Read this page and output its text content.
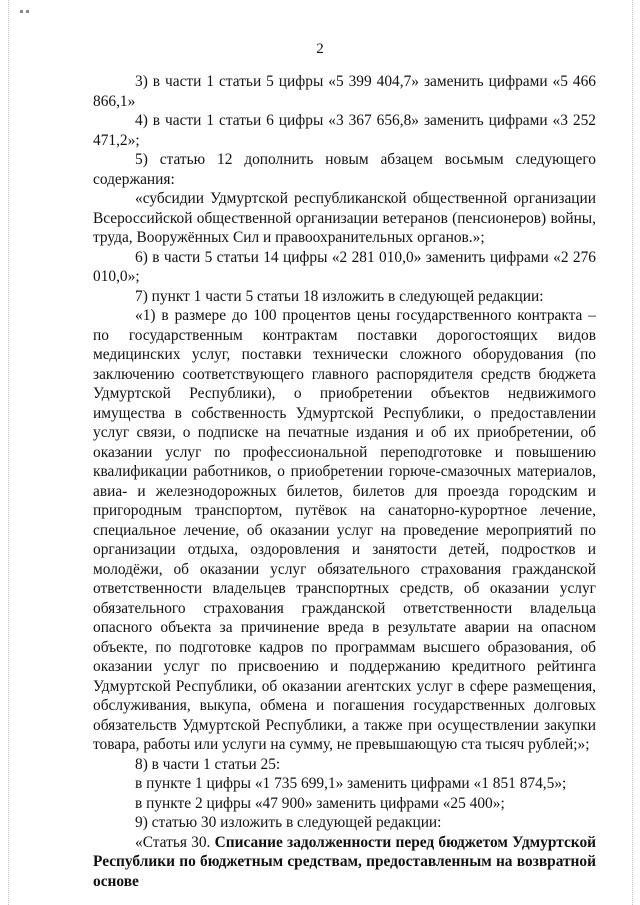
2

3) в части 1 статьи 5 цифры «5 399 404,7» заменить цифрами «5 466 866,1»

4) в части 1 статьи 6 цифры «3 367 656,8» заменить цифрами «3 252 471,2»;

5) статью 12 дополнить новым абзацем восьмым следующего содержания:

«субсидии Удмуртской республиканской общественной организации Всероссийской общественной организации ветеранов (пенсионеров) войны, труда, Вооружённых Сил и правоохранительных органов.»;

6) в части 5 статьи 14 цифры «2 281 010,0» заменить цифрами «2 276 010,0»;

7) пункт 1 части 5 статьи 18 изложить в следующей редакции:

«1) в размере до 100 процентов цены государственного контракта – по государственным контрактам поставки дорогостоящих видов медицинских услуг, поставки технически сложного оборудования (по заключению соответствующего главного распорядителя средств бюджета Удмуртской Республики), о приобретении объектов недвижимого имущества в собственность Удмуртской Республики, о предоставлении услуг связи, о подписке на печатные издания и об их приобретении, об оказании услуг по профессиональной переподготовке и повышению квалификации работников, о приобретении горюче-смазочных материалов, авиа- и железнодорожных билетов, билетов для проезда городским и пригородным транспортом, путёвок на санаторно-курортное лечение, специальное лечение, об оказании услуг на проведение мероприятий по организации отдыха, оздоровления и занятости детей, подростков и молодёжи, об оказании услуг обязательного страхования гражданской ответственности владельцев транспортных средств, об оказании услуг обязательного страхования гражданской ответственности владельца опасного объекта за причинение вреда в результате аварии на опасном объекте, по подготовке кадров по программам высшего образования, об оказании услуг по присвоению и поддержанию кредитного рейтинга Удмуртской Республики, об оказании агентских услуг в сфере размещения, обслуживания, выкупа, обмена и погашения государственных долговых обязательств Удмуртской Республики, а также при осуществлении закупки товара, работы или услуги на сумму, не превышающую ста тысяч рублей;»;

8) в части 1 статьи 25:

в пункте 1 цифры «1 735 699,1» заменить цифрами «1 851 874,5»;

в пункте 2 цифры «47 900» заменить цифрами «25 400»;

9) статью 30 изложить в следующей редакции:

«Статья 30. Списание задолженности перед бюджетом Удмуртской Республики по бюджетным средствам, предоставленным на возвратной основе
